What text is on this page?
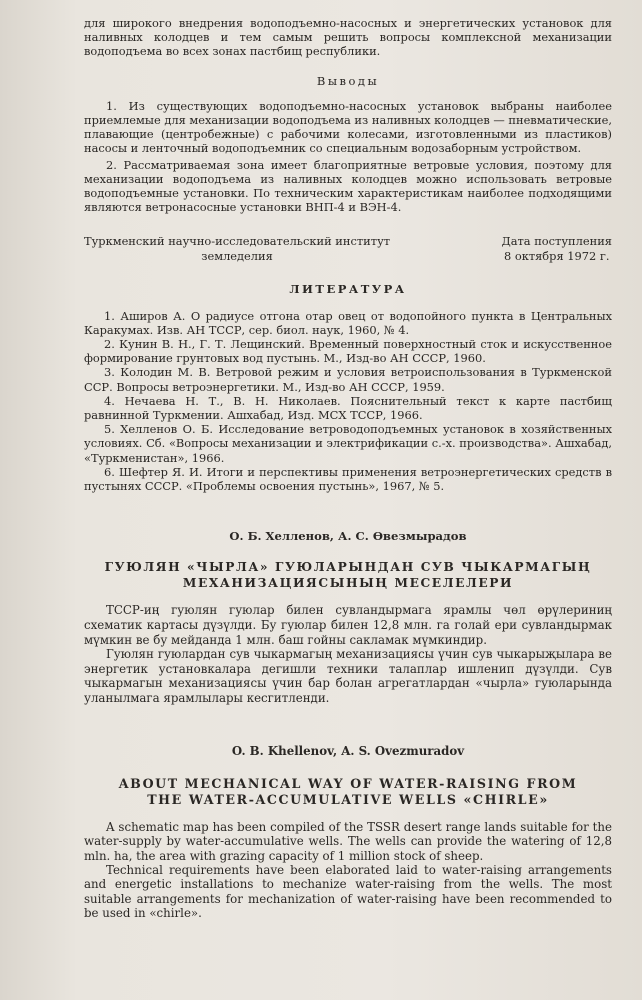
для широкого внедрения водоподъемно-насосных и энергетических установок для наливных колодцев и тем самым решить вопросы комплексной механизации водоподъема во всех зонах пастбищ республики.

Выводы

1. Из существующих водоподъемно-насосных установок выбраны наиболее приемлемые для механизации водоподъема из наливных колодцев — пневматические, плавающие (центробежные) с рабочими колесами, изготовленными из пластиков) насосы и ленточный водоподъемник со специальным водозаборным устройством.

2. Рассматриваемая зона имеет благоприятные ветровые условия, поэтому для механизации водоподъема из наливных колодцев можно использовать ветровые водоподъемные установки. По техническим характеристикам наиболее подходящими являются ветронасосные установки ВНП-4 и ВЭН-4.

Туркменский научно-исследовательский институт
земледелия
Дата поступления
8 октября 1972 г.

ЛИТЕРАТУРА

1. Аширов А. О радиусе отгона отар овец от водопойного пункта в Центральных Каракумах. Изв. АН ТССР, сер. биол. наук, 1960, № 4.

2. Кунин В. Н., Г. Т. Лещинский. Временный поверхностный сток и искусственное формирование грунтовых вод пустынь. М., Изд-во АН СССР, 1960.

3. Колодин М. В. Ветровой режим и условия ветроиспользования в Туркменской ССР. Вопросы ветроэнергетики. М., Изд-во АН СССР, 1959.

4. Нечаева Н. Т., В. Н. Николаев. Пояснительный текст к карте пастбищ равнинной Туркмении. Ашхабад, Изд. МСХ ТССР, 1966.

5. Хелленов О. Б. Исследование ветроводоподъемных установок в хозяйственных условиях. Сб. «Вопросы механизации и электрификации с.-х. производства». Ашхабад, «Туркменистан», 1966.

6. Шефтер Я. И. Итоги и перспективы применения ветроэнергетических средств в пустынях СССР. «Проблемы освоения пустынь», 1967, № 5.

О. Б. Хелленов, А. С. Өвезмырадов

ГУЮЛЯН «ЧЫРЛА» ГУЮЛАРЫНДАН СУВ ЧЫКАРМАГЫҢ
МЕХАНИЗАЦИЯСЫНЫҢ МЕСЕЛЕЛЕРИ

ТССР-иң гуюлян гуюлар билен сувландырмага ярамлы чөл өрүлериниң схематик картасы дүзүлди. Бу гуюлар билен 12,8 млн. га голай ери сувландырмак мүмкин ве бу мейданда 1 млн. баш гойны сакламак мүмкиндир.

Гуюлян гуюлардан сув чыкармагың механизациясы үчин сув чыкарыҗылара ве энергетик установкалара дегишли техники талаплар ишленип дүзүлди. Сув чыкармагын механизациясы үчин бар болан агрегатлардан «чырла» гуюларында уланылмага ярамлылары кесгитленди.

O. B. Khellenov, A. S. Ovezmuradov

ABOUT MECHANICAL WAY OF WATER-RAISING FROM
THE WATER-ACCUMULATIVE WELLS «CHIRLE»

A schematic map has been compiled of the TSSR desert range lands suitable for the water-supply by water-accumulative wells. The wells can provide the watering of 12,8 mln. ha, the area with grazing capacity of 1 million stock of sheep.

Technical requirements have been elaborated laid to water-raising arrangements and energetic installations to mechanize water-raising from the wells. The most suitable arrangements for mechanization of water-raising have been recommended to be used in «chirle».
